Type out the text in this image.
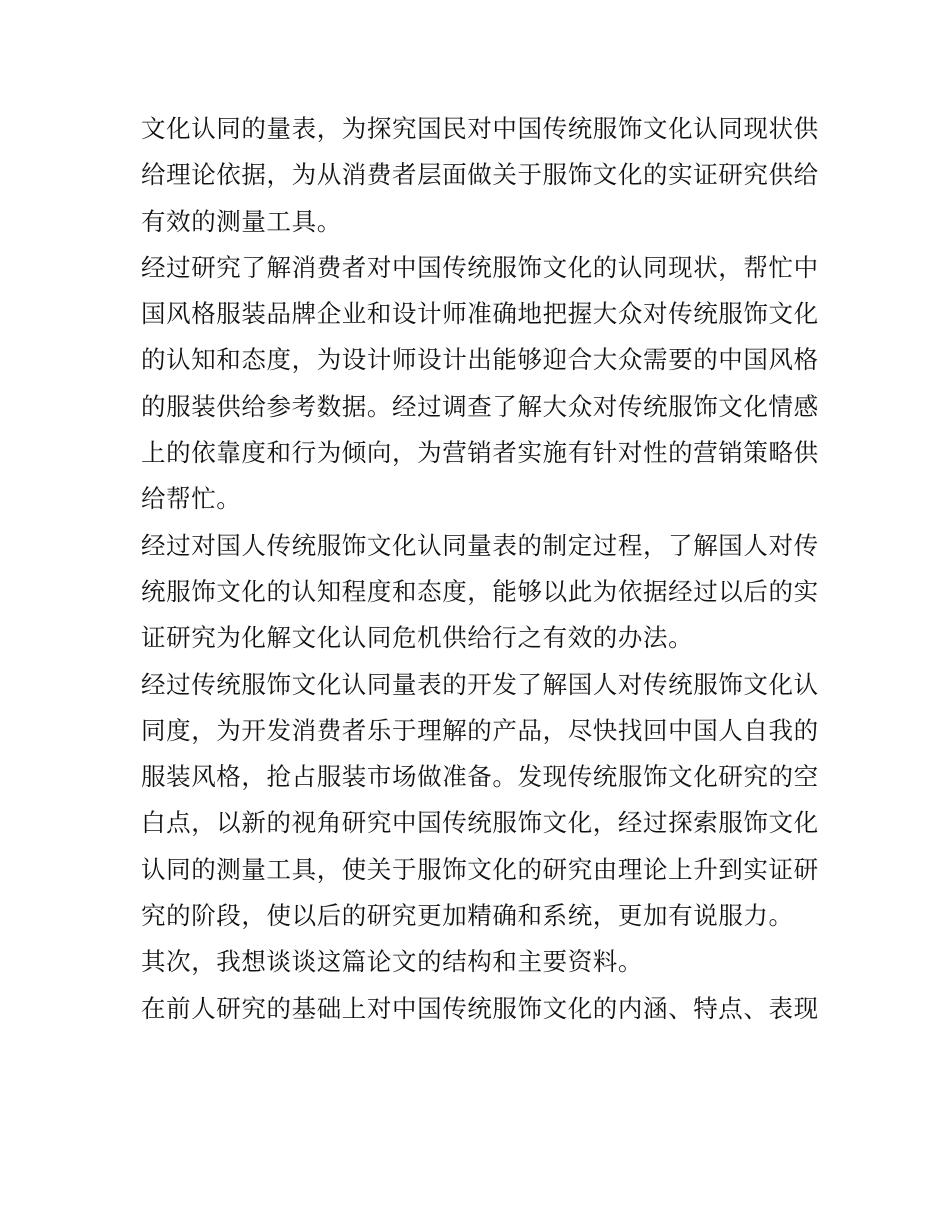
文化认同的量表，为探究国民对中国传统服饰文化认同现状供
给理论依据，为从消费者层面做关于服饰文化的实证研究供给
有效的测量工具。
经过研究了解消费者对中国传统服饰文化的认同现状，帮忙中
国风格服装品牌企业和设计师准确地把握大众对传统服饰文化
的认知和态度，为设计师设计出能够迎合大众需要的中国风格
的服装供给参考数据。经过调查了解大众对传统服饰文化情感
上的依靠度和行为倾向，为营销者实施有针对性的营销策略供
给帮忙。
经过对国人传统服饰文化认同量表的制定过程，了解国人对传
统服饰文化的认知程度和态度，能够以此为依据经过以后的实
证研究为化解文化认同危机供给行之有效的办法。
经过传统服饰文化认同量表的开发了解国人对传统服饰文化认
同度，为开发消费者乐于理解的产品，尽快找回中国人自我的
服装风格，抢占服装市场做准备。发现传统服饰文化研究的空
白点，以新的视角研究中国传统服饰文化，经过探索服饰文化
认同的测量工具，使关于服饰文化的研究由理论上升到实证研
究的阶段，使以后的研究更加精确和系统，更加有说服力。
其次，我想谈谈这篇论文的结构和主要资料。
在前人研究的基础上对中国传统服饰文化的内涵、特点、表现
